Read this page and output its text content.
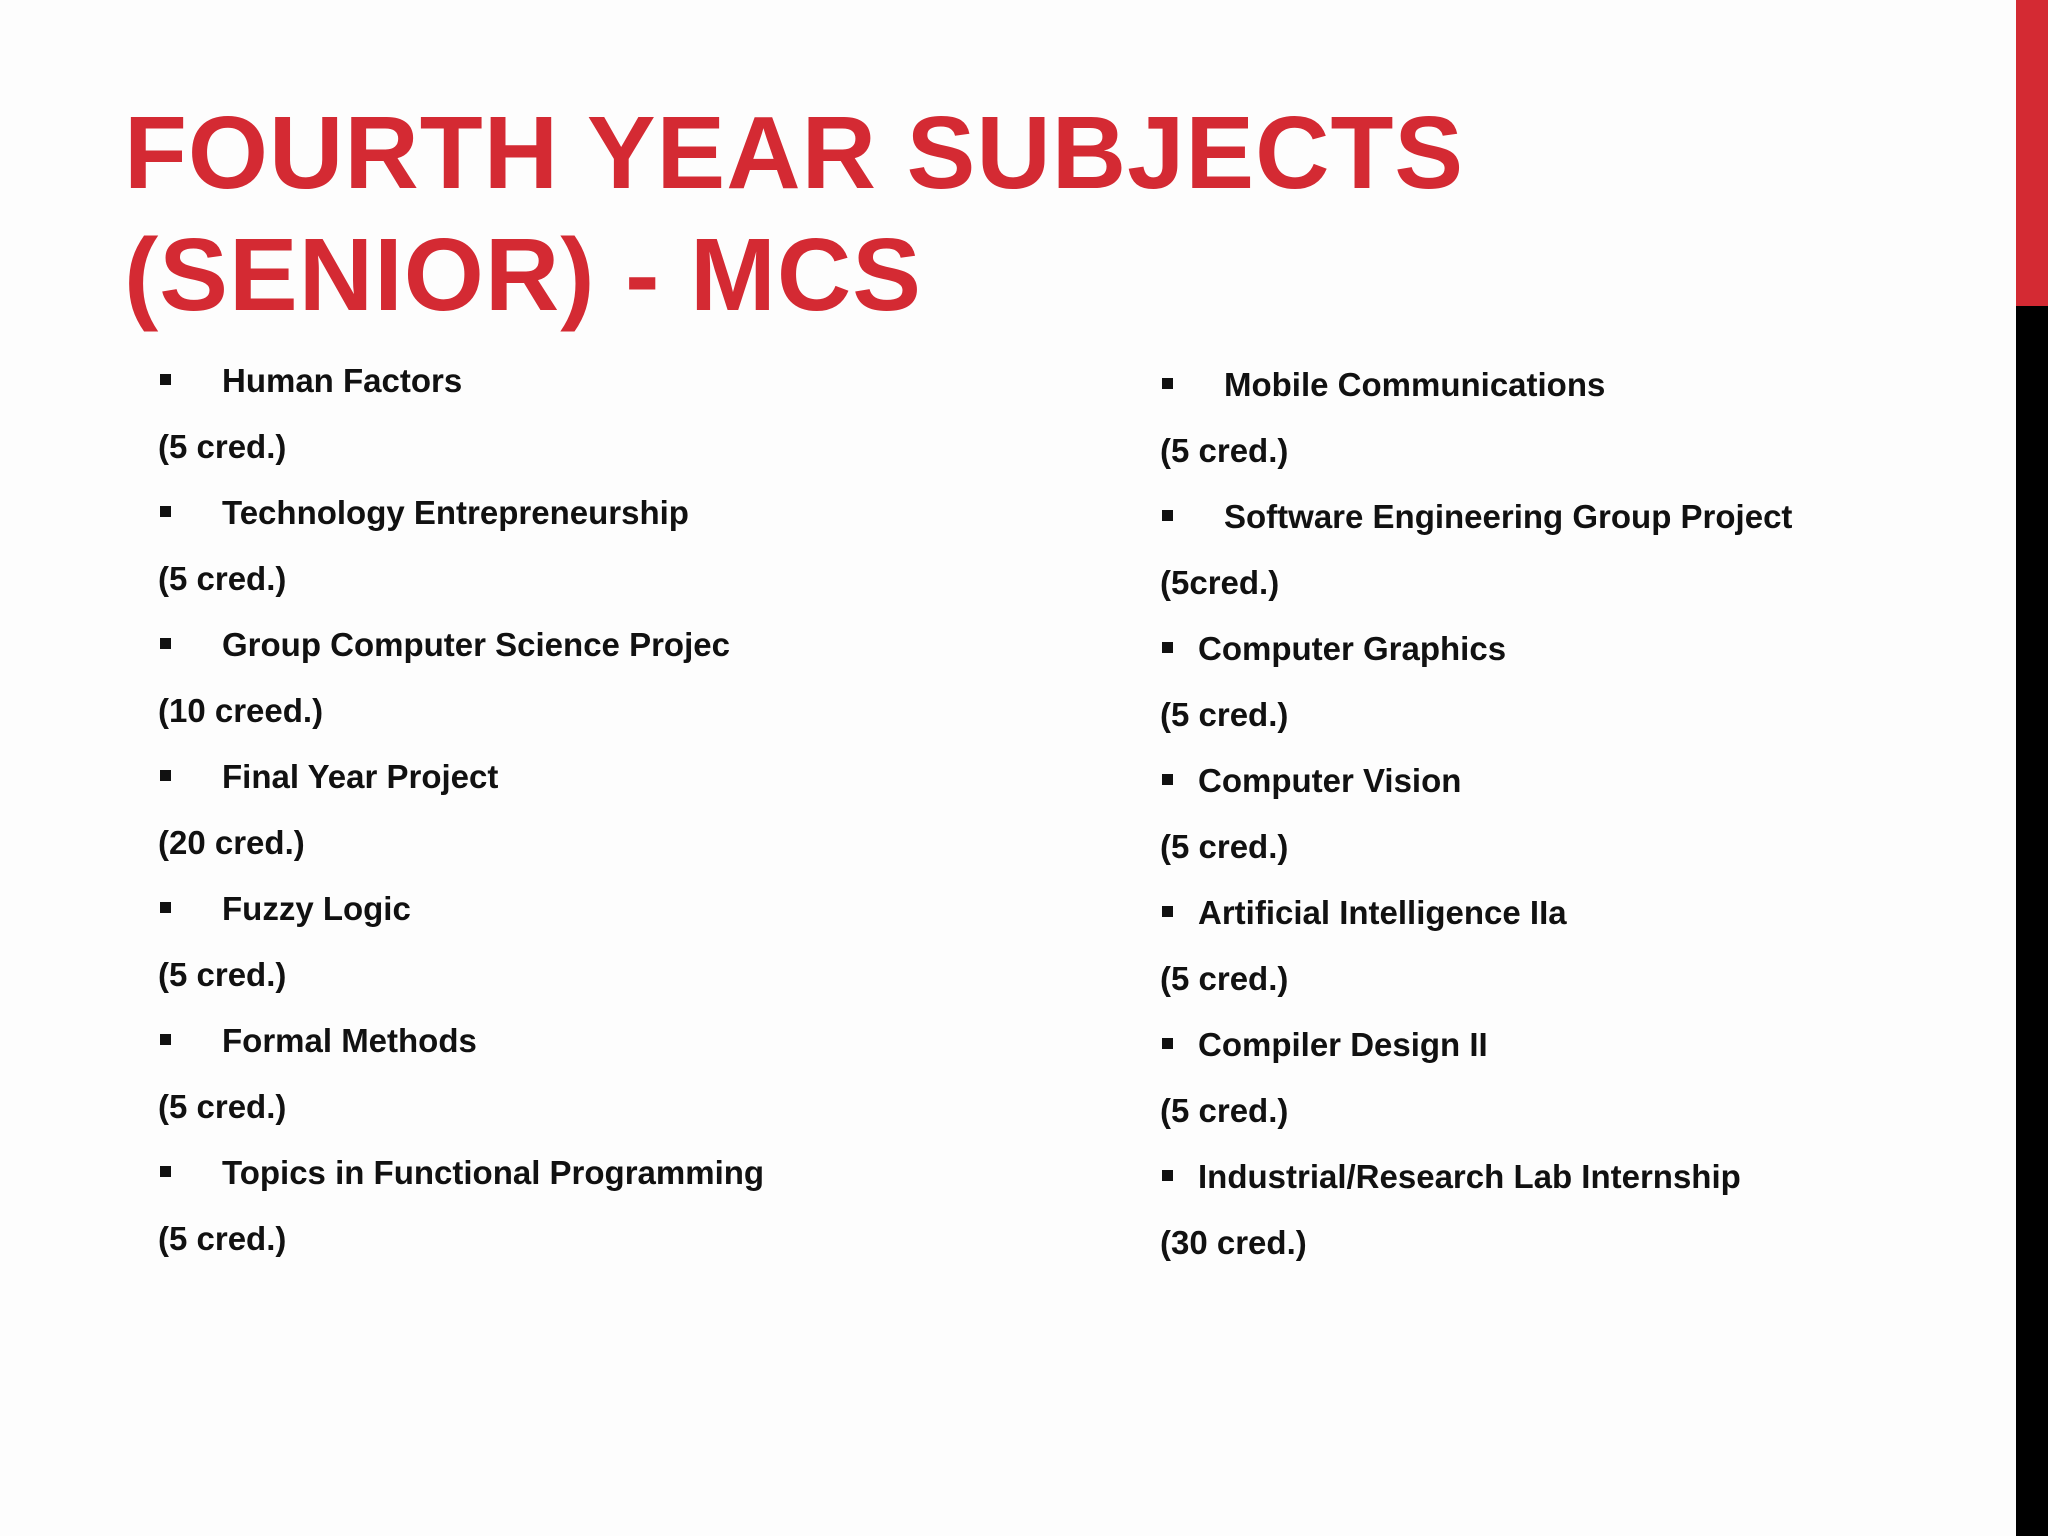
FOURTH YEAR SUBJECTS
(SENIOR) - MCS
Human Factors
(5 cred.)
Technology Entrepreneurship
(5 cred.)
Group Computer Science Projec
(10 creed.)
Final Year Project
(20 cred.)
Fuzzy Logic
(5 cred.)
Formal Methods
(5 cred.)
Topics in Functional Programming
(5 cred.)
Mobile Communications
(5 cred.)
Software Engineering Group Project
(5cred.)
Computer Graphics
(5 cred.)
Computer Vision
(5 cred.)
Artificial Intelligence IIa
(5 cred.)
Compiler Design II
(5 cred.)
Industrial/Research Lab Internship
(30 cred.)
